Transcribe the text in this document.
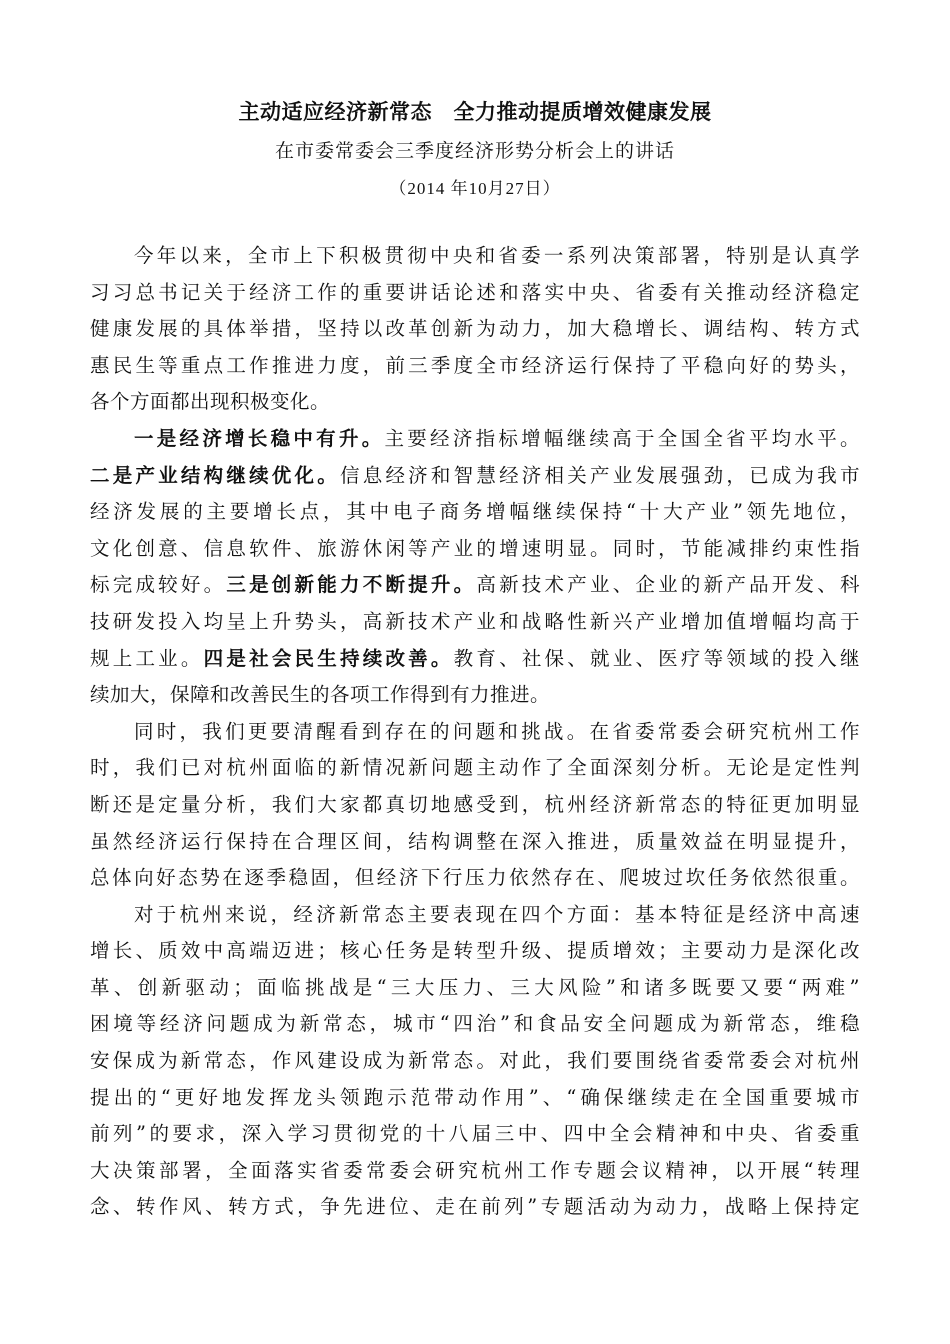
主动适应经济新常态　全力推动提质增效健康发展
在市委常委会三季度经济形势分析会上的讲话
（2014 年10月27日）
今年以来，全市上下积极贯彻中央和省委一系列决策部署，特别是认真学
习习总书记关于经济工作的重要讲话论述和落实中央、省委有关推动经济稳定
健康发展的具体举措，坚持以改革创新为动力，加大稳增长、调结构、转方式
惠民生等重点工作推进力度，前三季度全市经济运行保持了平稳向好的势头，
各个方面都出现积极变化。
一是经济增长稳中有升。主要经济指标增幅继续高于全国全省平均水平。
二是产业结构继续优化。信息经济和智慧经济相关产业发展强劲，已成为我市
经济发展的主要增长点，其中电子商务增幅继续保持“十大产业”领先地位，
文化创意、信息软件、旅游休闲等产业的增速明显。同时，节能减排约束性指
标完成较好。三是创新能力不断提升。高新技术产业、企业的新产品开发、科
技研发投入均呈上升势头，高新技术产业和战略性新兴产业增加值增幅均高于
规上工业。四是社会民生持续改善。教育、社保、就业、医疗等领域的投入继
续加大，保障和改善民生的各项工作得到有力推进。
同时，我们更要清醒看到存在的问题和挑战。在省委常委会研究杭州工作
时，我们已对杭州面临的新情况新问题主动作了全面深刻分析。无论是定性判
断还是定量分析，我们大家都真切地感受到，杭州经济新常态的特征更加明显
虽然经济运行保持在合理区间，结构调整在深入推进，质量效益在明显提升，
总体向好态势在逐季稳固，但经济下行压力依然存在、爬坡过坎任务依然很重。
对于杭州来说，经济新常态主要表现在四个方面：基本特征是经济中高速
增长、质效中高端迈进；核心任务是转型升级、提质增效；主要动力是深化改
革、创新驱动；面临挑战是“三大压力、三大风险”和诸多既要又要“两难”
困境等经济问题成为新常态，城市“四治”和食品安全问题成为新常态，维稳
安保成为新常态，作风建设成为新常态。对此，我们要围绕省委常委会对杭州
提出的“更好地发挥龙头领跑示范带动作用”、“确保继续走在全国重要城市
前列”的要求，深入学习贯彻党的十八届三中、四中全会精神和中央、省委重
大决策部署，全面落实省委常委会研究杭州工作专题会议精神，以开展“转理
念、转作风、转方式，争先进位、走在前列”专题活动为动力，战略上保持定
